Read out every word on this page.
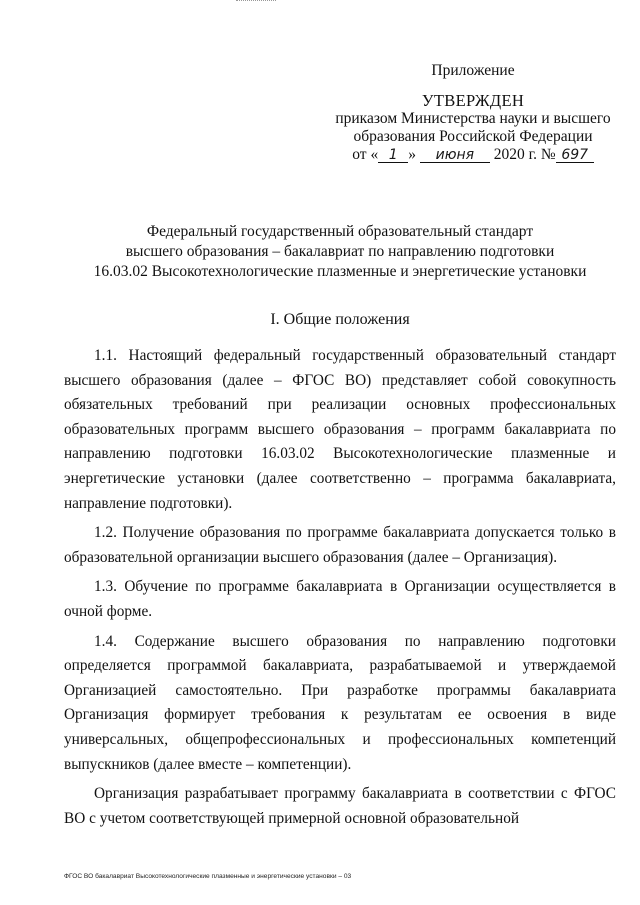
Приложение
УТВЕРЖДЕН
приказом Министерства науки и высшего
образования Российской Федерации
от « 1 » июня 2020 г. № 697
Федеральный государственный образовательный стандарт
высшего образования – бакалавриат по направлению подготовки
16.03.02 Высокотехнологические плазменные и энергетические установки
I. Общие положения

1.1. Настоящий федеральный государственный образовательный стандарт высшего образования (далее – ФГОС ВО) представляет собой совокупность обязательных требований при реализации основных профессиональных образовательных программ высшего образования – программ бакалавриата по направлению подготовки 16.03.02 Высокотехнологические плазменные и энергетические установки (далее соответственно – программа бакалавриата, направление подготовки).

1.2. Получение образования по программе бакалавриата допускается только в образовательной организации высшего образования (далее – Организация).

1.3. Обучение по программе бакалавриата в Организации осуществляется в очной форме.

1.4. Содержание высшего образования по направлению подготовки определяется программой бакалавриата, разрабатываемой и утверждаемой Организацией самостоятельно. При разработке программы бакалавриата Организация формирует требования к результатам ее освоения в виде универсальных, общепрофессиональных и профессиональных компетенций выпускников (далее вместе – компетенции).

Организация разрабатывает программу бакалавриата в соответствии с ФГОС ВО с учетом соответствующей примерной основной образовательной

ФГОС ВО бакалавриат Высокотехнологические плазменные и энергетические установки – 03
